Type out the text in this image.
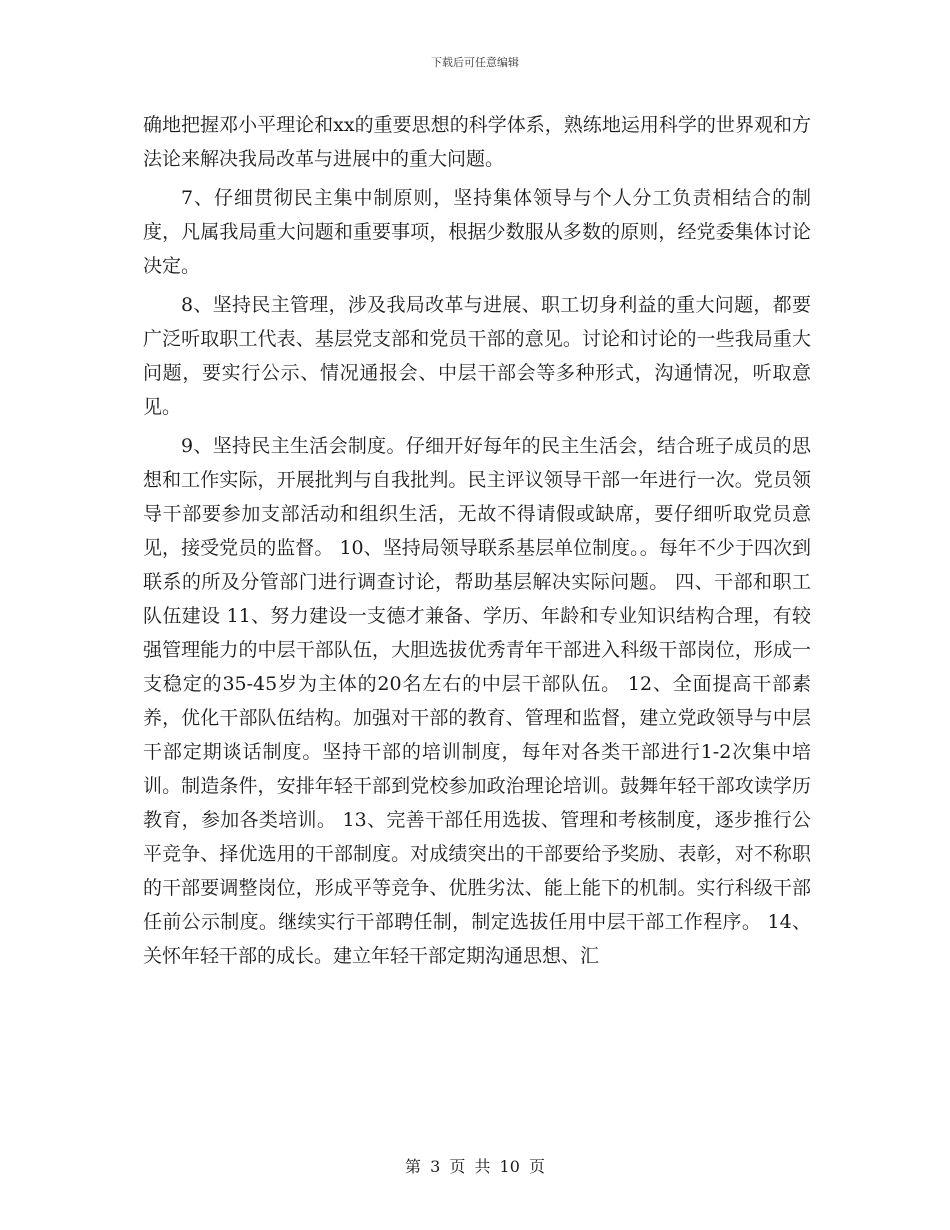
下载后可任意编辑

确地把握邓小平理论和xx的重要思想的科学体系，熟练地运用科学的世界观和方法论来解决我局改革与进展中的重大问题。

7、仔细贯彻民主集中制原则，坚持集体领导与个人分工负责相结合的制度，凡属我局重大问题和重要事项，根据少数服从多数的原则，经党委集体讨论决定。

8、坚持民主管理，涉及我局改革与进展、职工切身利益的重大问题，都要广泛听取职工代表、基层党支部和党员干部的意见。讨论和讨论的一些我局重大问题，要实行公示、情况通报会、中层干部会等多种形式，沟通情况，听取意见。

9、坚持民主生活会制度。仔细开好每年的民主生活会，结合班子成员的思想和工作实际，开展批判与自我批判。民主评议领导干部一年进行一次。党员领导干部要参加支部活动和组织生活，无故不得请假或缺席，要仔细听取党员意见，接受党员的监督。 10、坚持局领导联系基层单位制度。。每年不少于四次到联系的所及分管部门进行调查讨论，帮助基层解决实际问题。 四、干部和职工队伍建设 11、努力建设一支德才兼备、学历、年龄和专业知识结构合理，有较强管理能力的中层干部队伍，大胆选拔优秀青年干部进入科级干部岗位，形成一支稳定的35-45岁为主体的20名左右的中层干部队伍。 12、全面提高干部素养，优化干部队伍结构。加强对干部的教育、管理和监督，建立党政领导与中层干部定期谈话制度。坚持干部的培训制度，每年对各类干部进行1-2次集中培训。制造条件，安排年轻干部到党校参加政治理论培训。鼓舞年轻干部攻读学历教育，参加各类培训。 13、完善干部任用选拔、管理和考核制度，逐步推行公平竞争、择优选用的干部制度。对成绩突出的干部要给予奖励、表彰，对不称职的干部要调整岗位，形成平等竞争、优胜劣汰、能上能下的机制。实行科级干部任前公示制度。继续实行干部聘任制，制定选拔任用中层干部工作程序。 14、关怀年轻干部的成长。建立年轻干部定期沟通思想、汇

第 3 页 共 10 页
